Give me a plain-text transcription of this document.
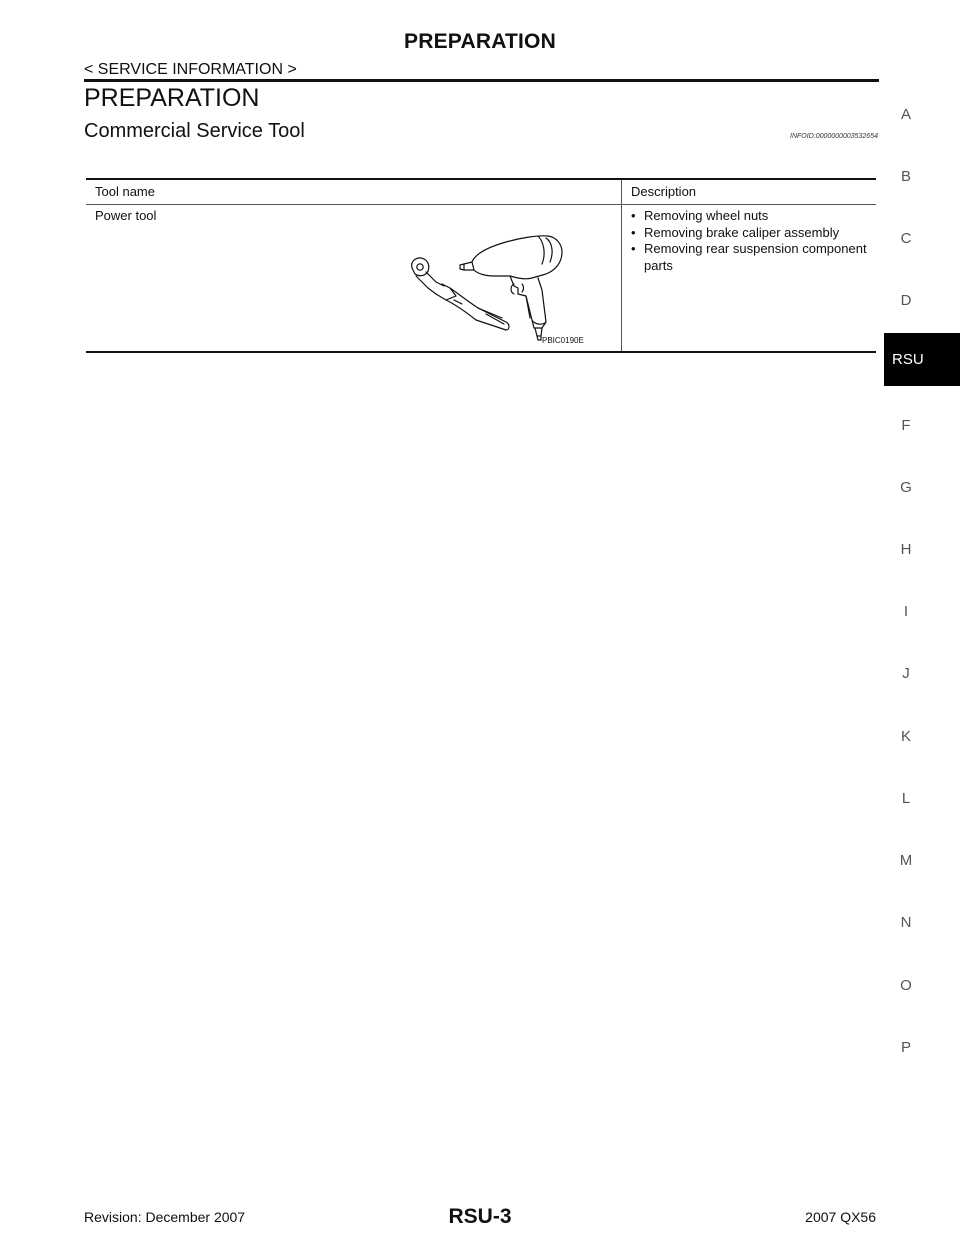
PREPARATION
< SERVICE INFORMATION >
PREPARATION
Commercial Service Tool	INFOID:0000000003532654
Tool name	Description
Power tool
PBIC0190E
• Removing wheel nuts
• Removing brake caliper assembly
• Removing rear suspension component parts
A
B
C
D
RSU
F
G
H
I
J
K
L
M
N
O
P
Revision: December 2007	RSU-3	2007 QX56
